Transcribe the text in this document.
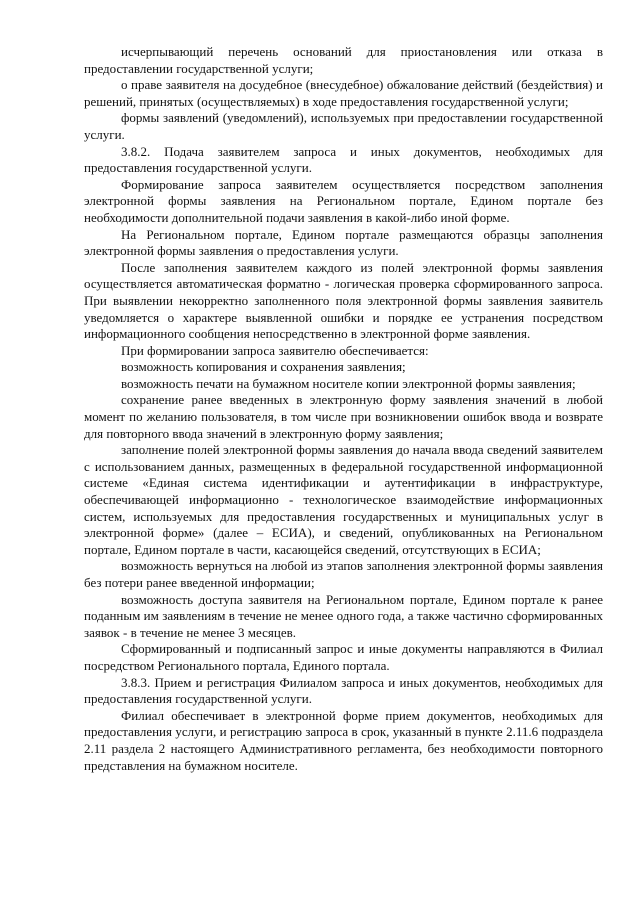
исчерпывающий перечень оснований для приостановления или отказа в предоставлении государственной услуги;

о праве заявителя на досудебное (внесудебное) обжалование действий (бездействия) и решений, принятых (осуществляемых) в ходе предоставления государственной услуги;

формы заявлений (уведомлений), используемых при предоставлении государственной услуги.

3.8.2. Подача заявителем запроса и иных документов, необходимых для предоставления государственной услуги.

Формирование запроса заявителем осуществляется посредством заполнения электронной формы заявления на Региональном портале, Едином портале без необходимости дополнительной подачи заявления в какой-либо иной форме.

На Региональном портале, Едином портале размещаются образцы заполнения электронной формы заявления о предоставления услуги.

После заполнения заявителем каждого из полей электронной формы заявления осуществляется автоматическая форматно - логическая проверка сформированного запроса. При выявлении некорректно заполненного поля электронной формы заявления заявитель уведомляется о характере выявленной ошибки и порядке ее устранения посредством информационного сообщения непосредственно в электронной форме заявления.

При формировании запроса заявителю обеспечивается:

возможность копирования и сохранения заявления;

возможность печати на бумажном носителе копии электронной формы заявления;

сохранение ранее введенных в электронную форму заявления значений в любой момент по желанию пользователя, в том числе при возникновении ошибок ввода и возврате для повторного ввода значений в электронную форму заявления;

заполнение полей электронной формы заявления до начала ввода сведений заявителем с использованием данных, размещенных в федеральной государственной информационной системе «Единая система идентификации и аутентификации в инфраструктуре, обеспечивающей информационно - технологическое взаимодействие информационных систем, используемых для предоставления государственных и муниципальных услуг в электронной форме» (далее – ЕСИА), и сведений, опубликованных на Региональном портале, Едином портале в части, касающейся сведений, отсутствующих в ЕСИА;

возможность вернуться на любой из этапов заполнения электронной формы заявления без потери ранее введенной информации;

возможность доступа заявителя на Региональном портале, Едином портале к ранее поданным им заявлениям в течение не менее одного года, а также частично сформированных заявок - в течение не менее 3 месяцев.

Сформированный и подписанный запрос и иные документы направляются в Филиал посредством Регионального портала, Единого портала.

3.8.3. Прием и регистрация Филиалом запроса и иных документов, необходимых для предоставления государственной услуги.

Филиал обеспечивает в электронной форме прием документов, необходимых для предоставления услуги, и регистрацию запроса в срок, указанный в пункте 2.11.6 подраздела 2.11 раздела 2 настоящего Административного регламента, без необходимости повторного представления на бумажном носителе.
